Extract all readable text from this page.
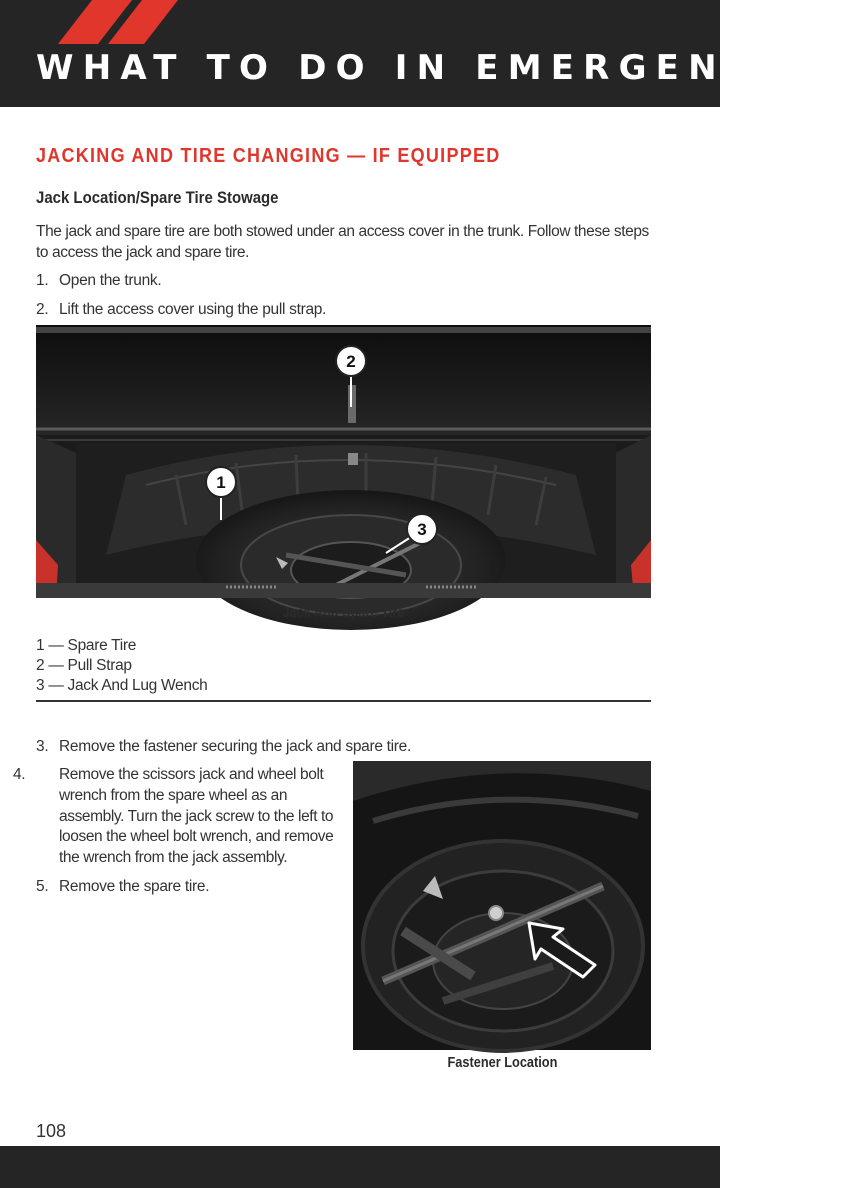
WHAT TO DO IN EMERGENCIES
JACKING AND TIRE CHANGING — IF EQUIPPED
Jack Location/Spare Tire Stowage
The jack and spare tire are both stowed under an access cover in the trunk. Follow these steps to access the jack and spare tire.
1. Open the trunk.
2. Lift the access cover using the pull strap.
2
1
3
Jack And Spare Tire
1 — Spare Tire
2 — Pull Strap
3 — Jack And Lug Wench
3. Remove the fastener securing the jack and spare tire.
4. Remove the scissors jack and wheel bolt wrench from the spare wheel as an assembly. Turn the jack screw to the left to loosen the wheel bolt wrench, and remove the wrench from the jack assembly.
5. Remove the spare tire.
Fastener Location
108
